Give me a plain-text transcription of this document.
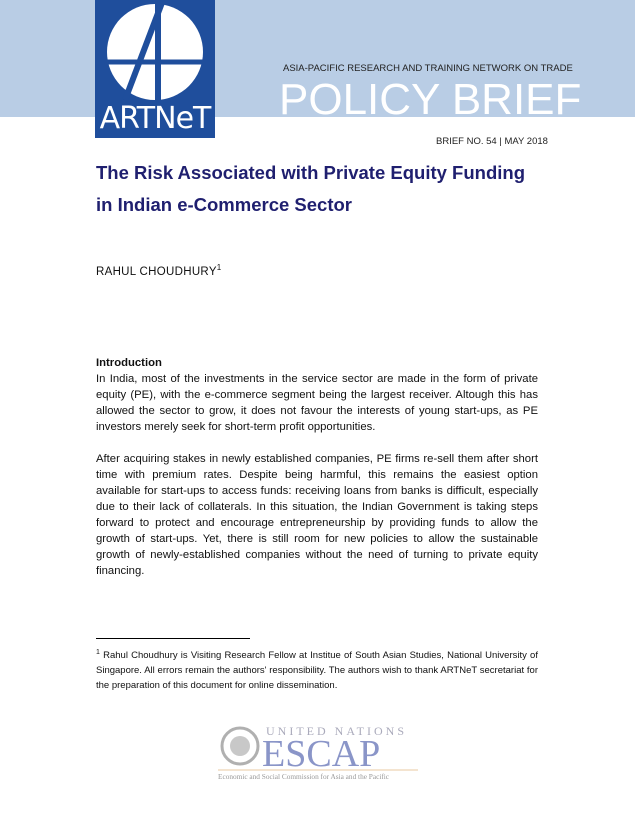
ARTNeT
ASIA-PACIFIC RESEARCH AND TRAINING NETWORK ON TRADE
POLICY BRIEF
BRIEF NO. 54 | MAY 2018
The Risk Associated with Private Equity Funding
in Indian e-Commerce Sector
RAHUL CHOUDHURY$^1$
Introduction

In India, most of the investments in the service sector are made in the form of private equity (PE), with the e-commerce segment being the largest receiver. Altough this has allowed the sector to grow, it does not favour the interests of young start-ups, as PE investors merely seek for short-term profit opportunities.

After acquiring stakes in newly established companies, PE firms re-sell them after short time with premium rates. Despite being harmful, this remains the easiest option available for start-ups to access funds: receiving loans from banks is difficult, especially due to their lack of collaterals. In this situation, the Indian Government is taking steps forward to protect and encourage entrepreneurship by providing funds to allow the growth of start-ups. Yet, there is still room for new policies to allow the sustainable growth of newly-established companies without the need of turning to private equity financing.

$^1$ Rahul Choudhury is Visiting Research Fellow at Institue of South Asian Studies, National University of Singapore. All errors remain the authors' responsibility. The authors wish to thank ARTNeT secretariat for the preparation of this document for online dissemination.
UNITED NATIONS
ESCAP
Economic and Social Commission for Asia and the Pacific
